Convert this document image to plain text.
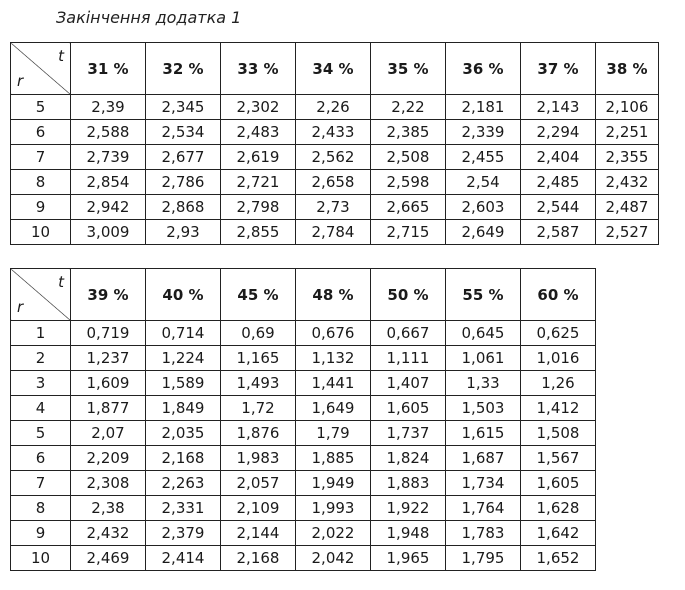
Закінчення додатка 1
t
r	31 %	32 %	33 %	34 %	35 %	36 %	37 %	38 %
5	2,39	2,345	2,302	2,26	2,22	2,181	2,143	2,106
6	2,588	2,534	2,483	2,433	2,385	2,339	2,294	2,251
7	2,739	2,677	2,619	2,562	2,508	2,455	2,404	2,355
8	2,854	2,786	2,721	2,658	2,598	2,54	2,485	2,432
9	2,942	2,868	2,798	2,73	2,665	2,603	2,544	2,487
10	3,009	2,93	2,855	2,784	2,715	2,649	2,587	2,527
t
r	39 %	40 %	45 %	48 %	50 %	55 %	60 %
1	0,719	0,714	0,69	0,676	0,667	0,645	0,625
2	1,237	1,224	1,165	1,132	1,111	1,061	1,016
3	1,609	1,589	1,493	1,441	1,407	1,33	1,26
4	1,877	1,849	1,72	1,649	1,605	1,503	1,412
5	2,07	2,035	1,876	1,79	1,737	1,615	1,508
6	2,209	2,168	1,983	1,885	1,824	1,687	1,567
7	2,308	2,263	2,057	1,949	1,883	1,734	1,605
8	2,38	2,331	2,109	1,993	1,922	1,764	1,628
9	2,432	2,379	2,144	2,022	1,948	1,783	1,642
10	2,469	2,414	2,168	2,042	1,965	1,795	1,652
